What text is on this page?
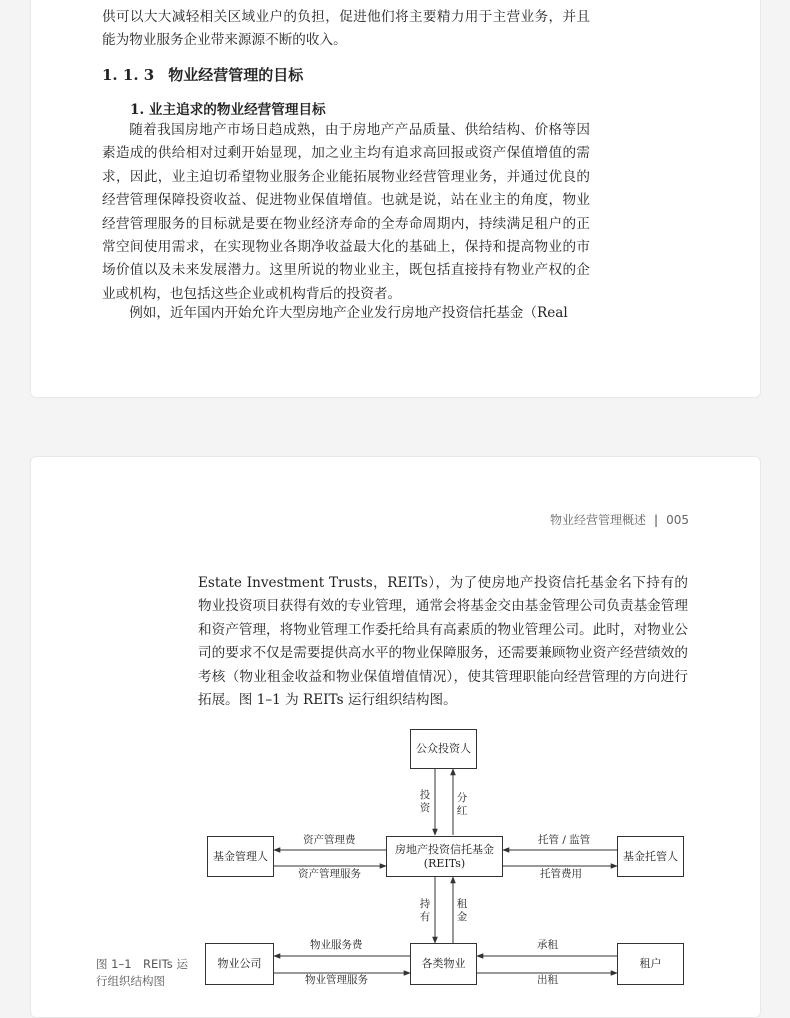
供可以大大减轻相关区域业户的负担，促进他们将主要精力用于主营业务，并且能为物业服务企业带来源源不断的收入。

1. 1. 3 物业经营管理的目标
1. 业主追求的物业经营管理目标

随着我国房地产市场日趋成熟，由于房地产产品质量、供给结构、价格等因素造成的供给相对过剩开始显现，加之业主均有追求高回报或资产保值增值的需求，因此，业主迫切希望物业服务企业能拓展物业经营管理业务，并通过优良的经营管理保障投资收益、促进物业保值增值。也就是说，站在业主的角度，物业经营管理服务的目标就是要在物业经济寿命的全寿命周期内，持续满足租户的正常空间使用需求，在实现物业各期净收益最大化的基础上，保持和提高物业的市场价值以及未来发展潜力。这里所说的物业业主，既包括直接持有物业产权的企业或机构，也包括这些企业或机构背后的投资者。

例如，近年国内开始允许大型房地产企业发行房地产投资信托基金（Real

物业经营管理概述 | 005

Estate Investment Trusts，REITs），为了使房地产投资信托基金名下持有的物业投资项目获得有效的专业管理，通常会将基金交由基金管理公司负责基金管理和资产管理，将物业管理工作委托给具有高素质的物业管理公司。此时，对物业公司的要求不仅是需要提供高水平的物业保障服务，还需要兼顾物业资产经营绩效的考核（物业租金收益和物业保值增值情况），使其管理职能向经营管理的方向进行拓展。图 1–1 为 REITs 运行组织结构图。

公众投资人
基金管理人
房地产投资信托基金
(REITs)
基金托管人
物业公司	各类物业	租户
投
资
分
红
资产管理费
资产管理服务
托管 / 监管
托管费用
持
有
租
金
物业服务费
物业管理服务
承租
出租
图 1–1　REITs 运行组织结构图
